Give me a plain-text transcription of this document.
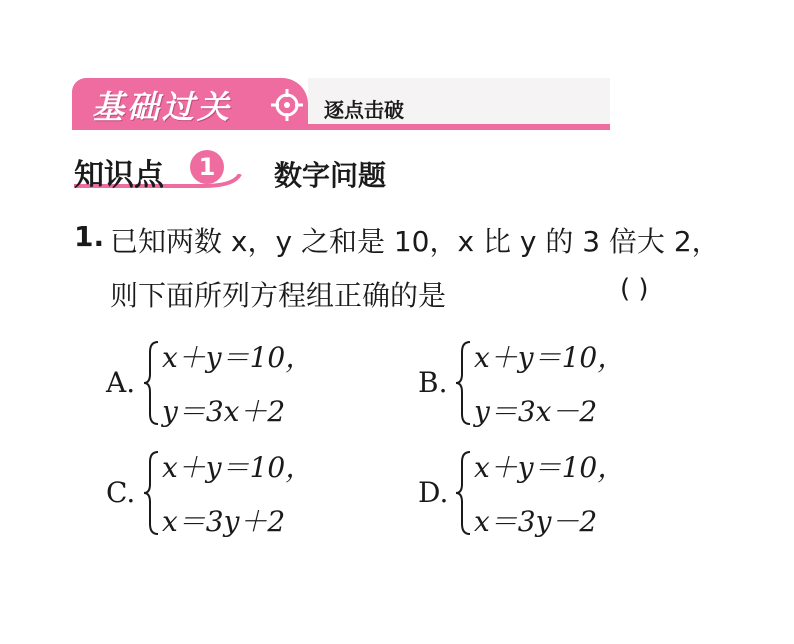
基础过关	逐点击破
知识点	1	数字问题
1. 已知两数 x，y 之和是 10，x 比 y 的 3 倍大 2，
则下面所列方程组正确的是	( )
A.
x＋y＝10，
y＝3x＋2
B.
x＋y＝10，
y＝3x－2
C.
x＋y＝10，
x＝3y＋2
D.
x＋y＝10，
x＝3y－2
